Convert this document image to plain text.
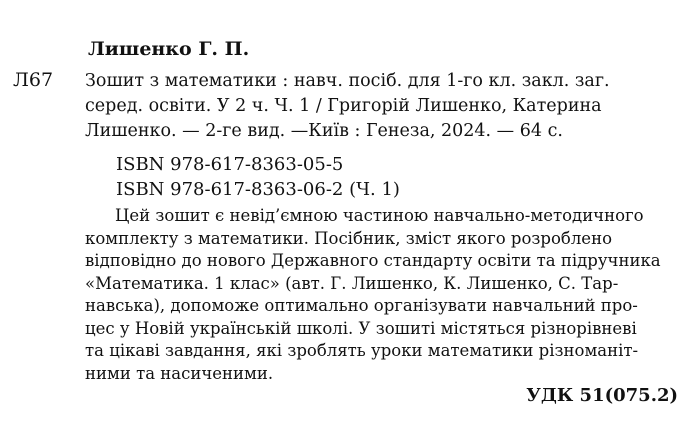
Лишенко Г. П.
Л67 Зошит з математики : навч. посіб. для 1-го кл. закл. заг.
серед. освіти. У 2 ч. Ч. 1 / Григорій Лишенко, Катерина
Лишенко. — 2-ге вид. —Київ : Генеза, 2024. — 64 с.
ISBN 978-617-8363-05-5
ISBN 978-617-8363-06-2 (Ч. 1)
Цей зошит є невід’ємною частиною навчально-методичного
комплекту з математики. Посібник, зміст якого розроблено
відповідно до нового Державного стандарту освіти та підручника
«Математика. 1 клас» (авт. Г. Лишенко, К. Лишенко, С. Тар-
навська), допоможе оптимально організувати навчальний про-
цес у Новій українській школі. У зошиті містяться різнорівневі
та цікаві завдання, які зроблять уроки математики різноманіт-
ними та насиченими.
УДК 51(075.2)
